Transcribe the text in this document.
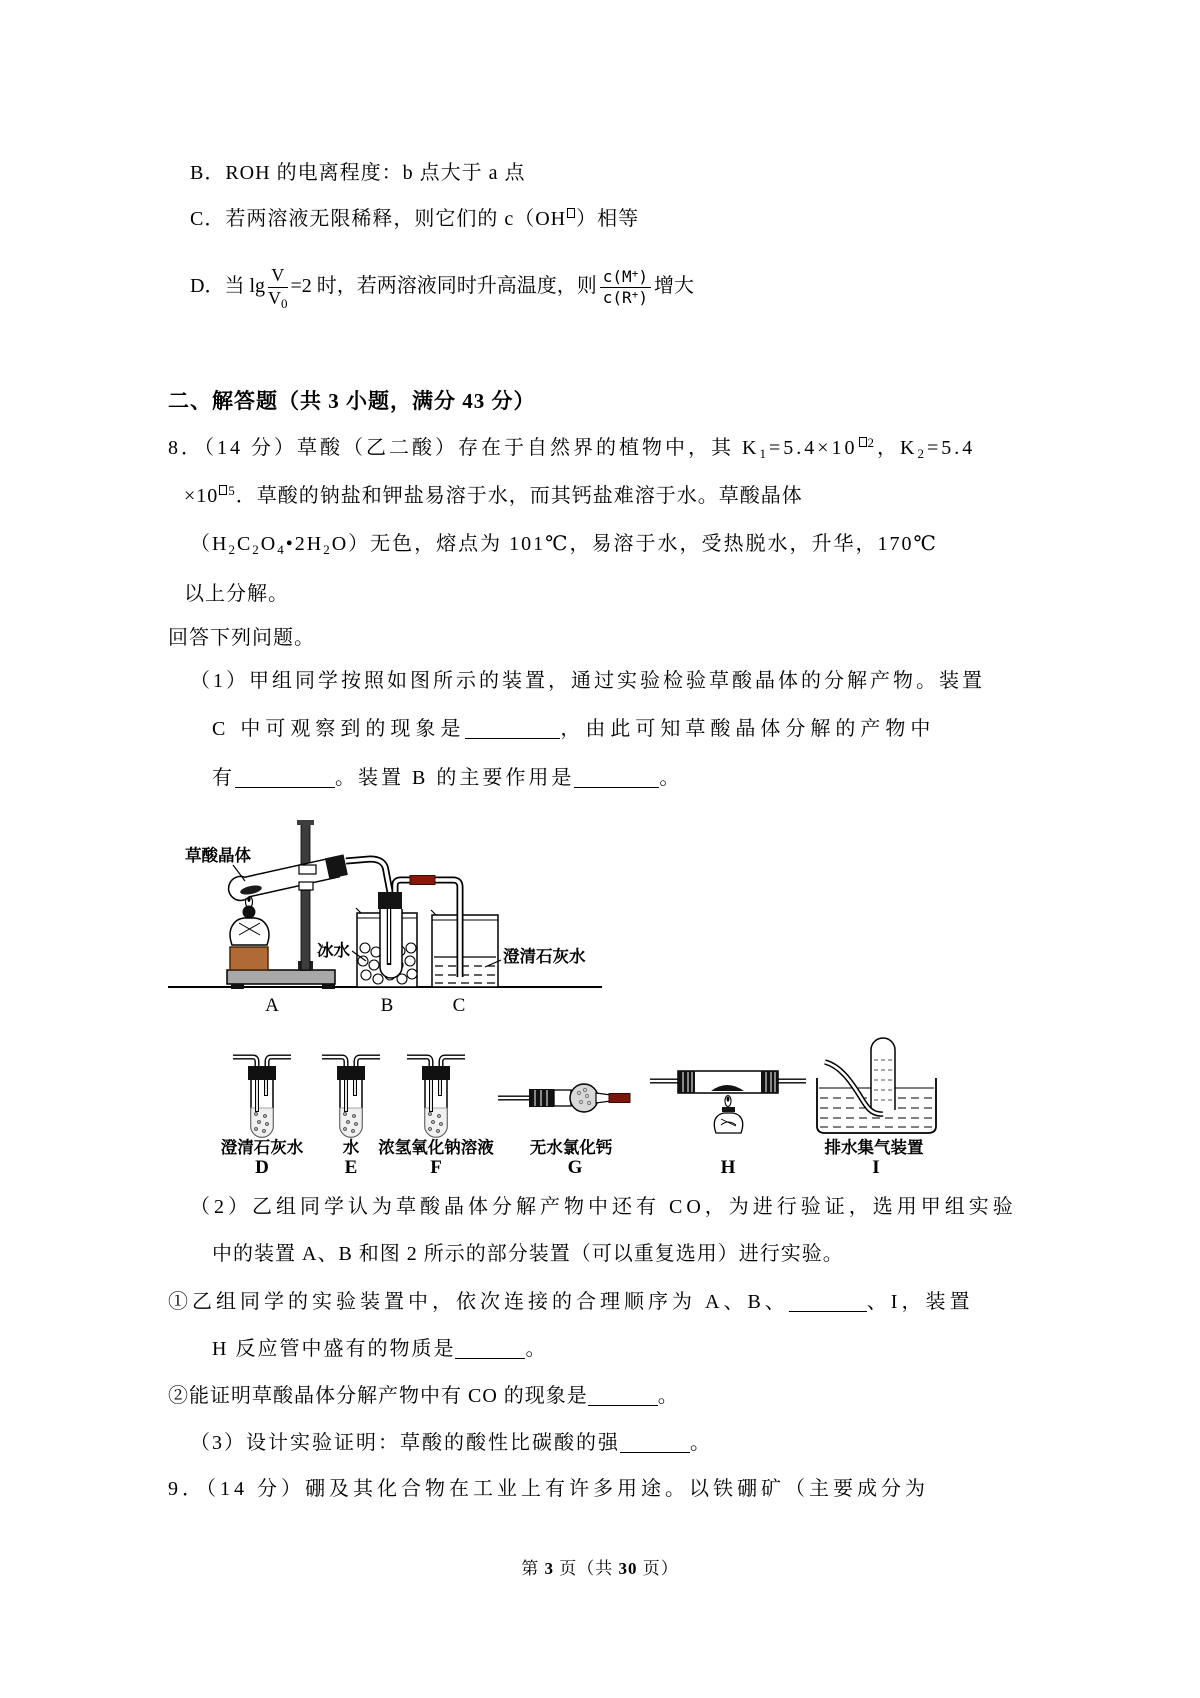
B．ROH 的电离程度：b 点大于 a 点
C．若两溶液无限稀释，则它们的 c（OH ）相等
D．当 $\lg \frac{V}{V_0} =2$ 时，若两溶液同时升高温度，则 $\frac{c(M^+)}{c(R^+)}$ 增大
二、解答题（共 3 小题，满分 43 分）
8．（14 分）草酸（乙二酸）存在于自然界的植物中，其 $K_1=5.4\times 10$ $^2$，$K_2=5.4$
×10 $^5$．草酸的钠盐和钾盐易溶于水，而其钙盐难溶于水。草酸晶体
$(H_2C_2O_4•2H_2O)$无色，熔点为 101℃，易溶于水，受热脱水，升华，170℃
以上分解。
回答下列问题。
（1）甲组同学按照如图所示的装置，通过实验检验草酸晶体的分解产物。装置
C 中可观察到的现象是	，由此可知草酸晶体分解的产物中
有	。装置 B 的主要作用是	。
草酸晶体
冰水	澄清石灰水
A	B	C
澄清石灰水
D
水
E
浓氢氧化钠溶液
F
无水氯化钙
G	H
排水集气装置
I
（2）乙组同学认为草酸晶体分解产物中还有 CO，为进行验证，选用甲组实验
中的装置 A、B 和图 2 所示的部分装置（可以重复选用）进行实验。
①乙组同学的实验装置中，依次连接的合理顺序为 A、B、	、I，装置
H 反应管中盛有的物质是	。
②能证明草酸晶体分解产物中有 CO 的现象是	。
（3）设计实验证明：草酸的酸性比碳酸的强	。
9．（14 分）硼及其化合物在工业上有许多用途。以铁硼矿（主要成分为
第 3 页（共 30 页）
